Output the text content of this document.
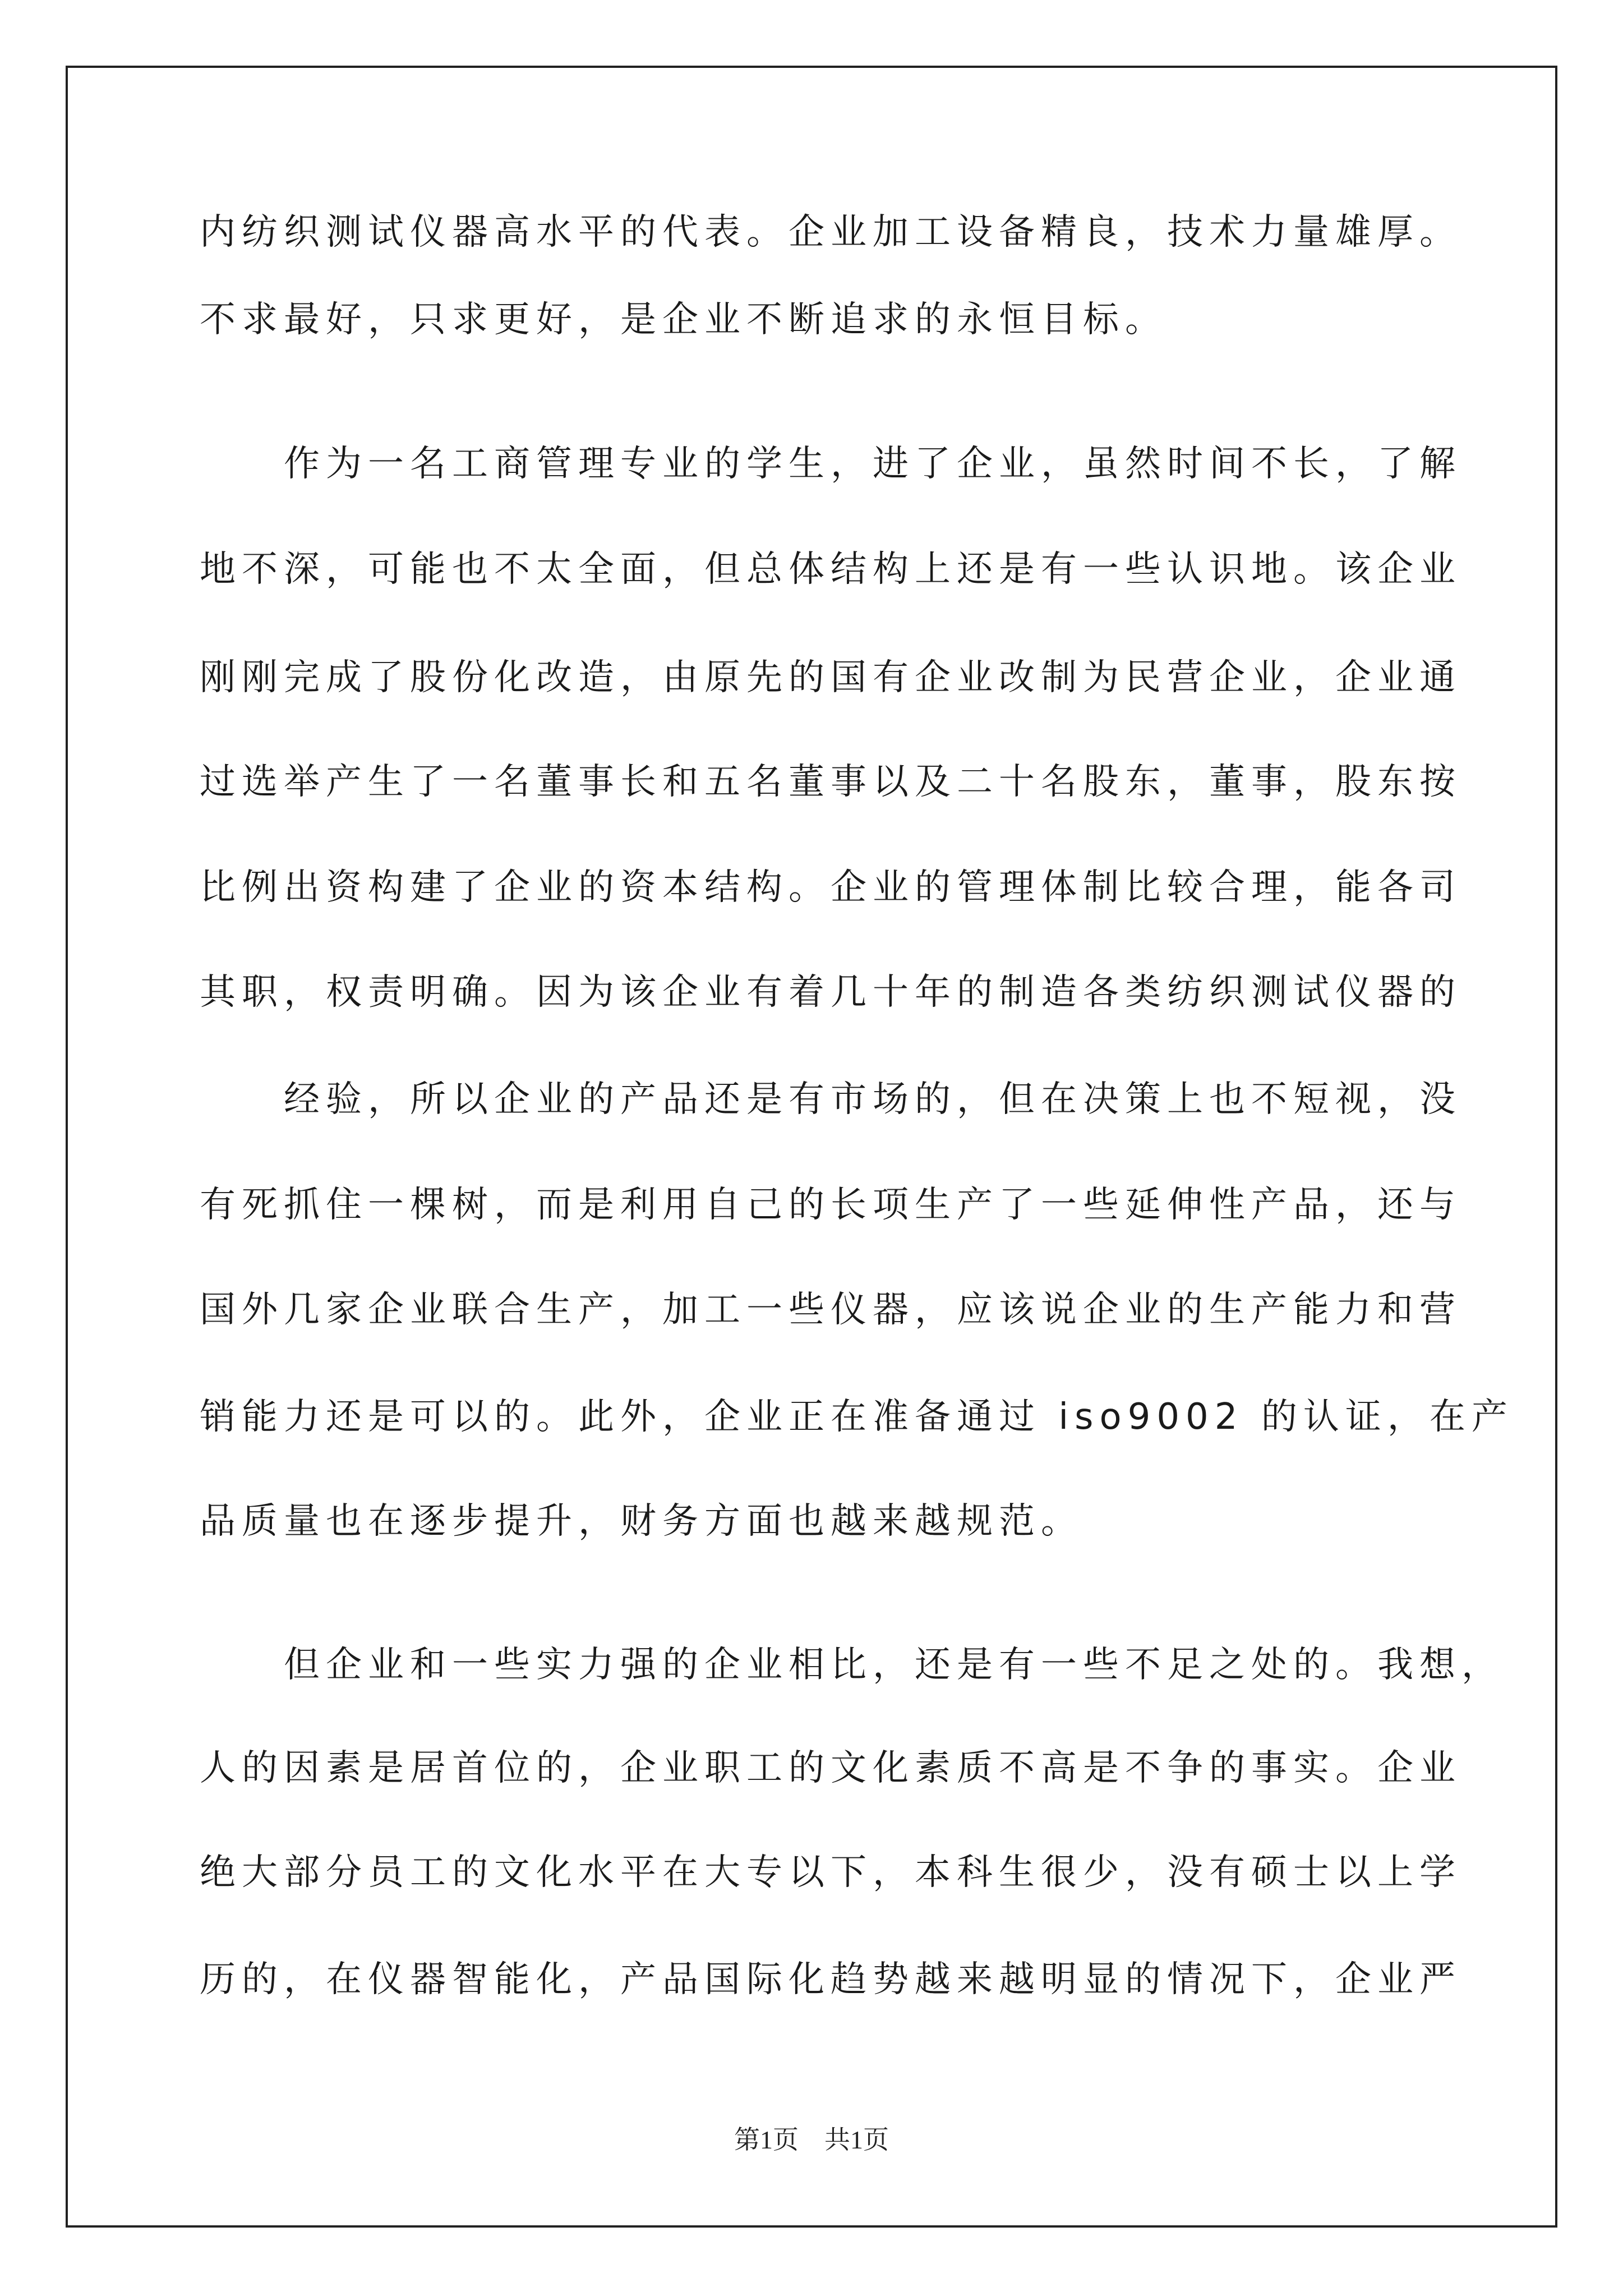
内纺织测试仪器高水平的代表。企业加工设备精良，技术力量雄厚。
不求最好，只求更好，是企业不断追求的永恒目标。
　　作为一名工商管理专业的学生，进了企业，虽然时间不长，了解
地不深，可能也不太全面，但总体结构上还是有一些认识地。该企业
刚刚完成了股份化改造，由原先的国有企业改制为民营企业，企业通
过选举产生了一名董事长和五名董事以及二十名股东，董事，股东按
比例出资构建了企业的资本结构。企业的管理体制比较合理，能各司
其职，权责明确。因为该企业有着几十年的制造各类纺织测试仪器的
　　经验，所以企业的产品还是有市场的，但在决策上也不短视，没
有死抓住一棵树，而是利用自己的长项生产了一些延伸性产品，还与
国外几家企业联合生产，加工一些仪器，应该说企业的生产能力和营
销能力还是可以的。此外，企业正在准备通过 iso9002 的认证，在产
品质量也在逐步提升，财务方面也越来越规范。
　　但企业和一些实力强的企业相比，还是有一些不足之处的。我想，
人的因素是居首位的，企业职工的文化素质不高是不争的事实。企业
绝大部分员工的文化水平在大专以下，本科生很少，没有硕士以上学
历的，在仪器智能化，产品国际化趋势越来越明显的情况下，企业严
第1页　 共1页
